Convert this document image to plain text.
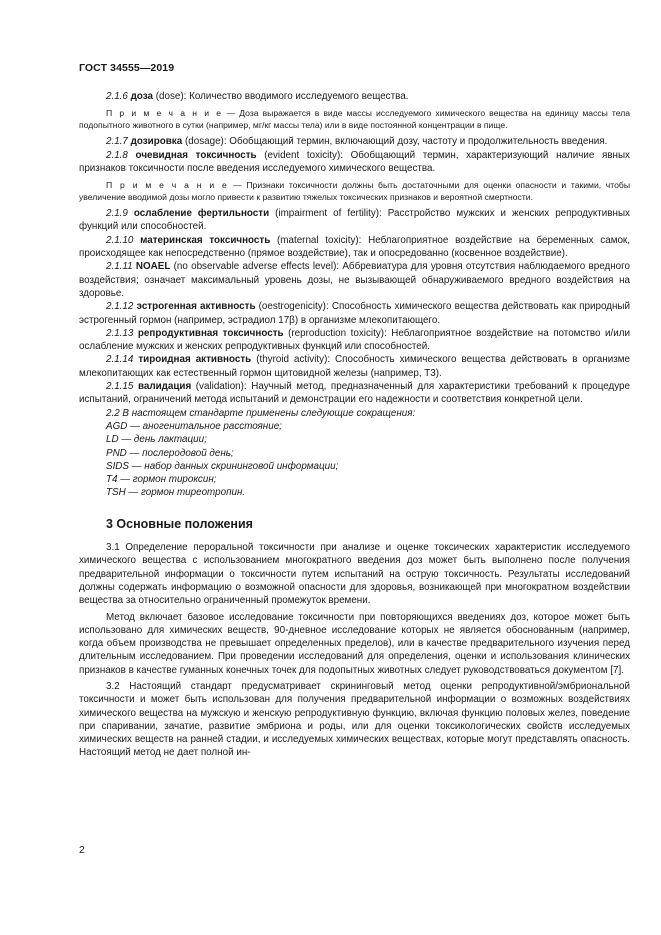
ГОСТ 34555—2019

2.1.6 доза (dose): Количество вводимого исследуемого вещества.

П р и м е ч а н и е — Доза выражается в виде массы исследуемого химического вещества на единицу массы тела подопытного животного в сутки (например, мг/кг массы тела) или в виде постоянной концентрации в пище.

2.1.7 дозировка (dosage): Обобщающий термин, включающий дозу, частоту и продолжительность введения.

2.1.8 очевидная токсичность (evident toxicity): Обобщающий термин, характеризующий наличие явных признаков токсичности после введения исследуемого химического вещества.

П р и м е ч а н и е — Признаки токсичности должны быть достаточными для оценки опасности и такими, чтобы увеличение вводимой дозы могло привести к развитию тяжелых токсических признаков и вероятной смертности.

2.1.9 ослабление фертильности (impairment of fertility): Расстройство мужских и женских репродуктивных функций или способностей.

2.1.10 материнская токсичность (maternal toxicity): Неблагоприятное воздействие на беременных самок, происходящее как непосредственно (прямое воздействие), так и опосредованно (косвенное воздействие).

2.1.11 NOAEL (no observable adverse effects level): Аббревиатура для уровня отсутствия наблюдаемого вредного воздействия; означает максимальный уровень дозы, не вызывающей обнаруживаемого вредного воздействия на здоровье.

2.1.12 эстрогенная активность (oestrogenicity): Способность химического вещества действовать как природный эстрогенный гормон (например, эстрадиол 17β) в организме млекопитающего.

2.1.13 репродуктивная токсичность (reproduction toxicity): Неблагоприятное воздействие на потомство и/или ослабление мужских и женских репродуктивных функций или способностей.

2.1.14 тироидная активность (thyroid activity): Способность химического вещества действовать в организме млекопитающих как естественный гормон щитовидной железы (например, Т3).

2.1.15 валидация (validation): Научный метод, предназначенный для характеристики требований к процедуре испытаний, ограничений метода испытаний и демонстрации его надежности и соответствия конкретной цели.

2.2 В настоящем стандарте применены следующие сокращения:

AGD — аногенитальное расстояние;

LD — день лактации;

PND — послеродовой день;

SIDS — набор данных скрининговой информации;

Т4 — гормон тироксин;

TSH — гормон тиреотропин.

3 Основные положения

3.1 Определение пероральной токсичности при анализе и оценке токсических характеристик исследуемого химического вещества с использованием многократного введения доз может быть выполнено после получения предварительной информации о токсичности путем испытаний на острую токсичность. Результаты исследований должны содержать информацию о возможной опасности для здоровья, возникающей при многократном воздействии вещества за относительно ограниченный промежуток времени.

Метод включает базовое исследование токсичности при повторяющихся введениях доз, которое может быть использовано для химических веществ, 90-дневное исследование которых не является обоснованным (например, когда объем производства не превышает определенных пределов), или в качестве предварительного изучения перед длительным исследованием. При проведении исследований для определения, оценки и использования клинических признаков в качестве гуманных конечных точек для подопытных животных следует руководствоваться документом [7].

3.2 Настоящий стандарт предусматривает скрининговый метод оценки репродуктивной/эмбриональной токсичности и может быть использован для получения предварительной информации о возможных воздействиях химического вещества на мужскую и женскую репродуктивную функцию, включая функцию половых желез, поведение при спаривании, зачатие, развитие эмбриона и роды, или для оценки токсикологических свойств исследуемых химических веществ на ранней стадии, и исследуемых химических веществах, которые могут представлять опасность. Настоящий метод не дает полной ин-

2
